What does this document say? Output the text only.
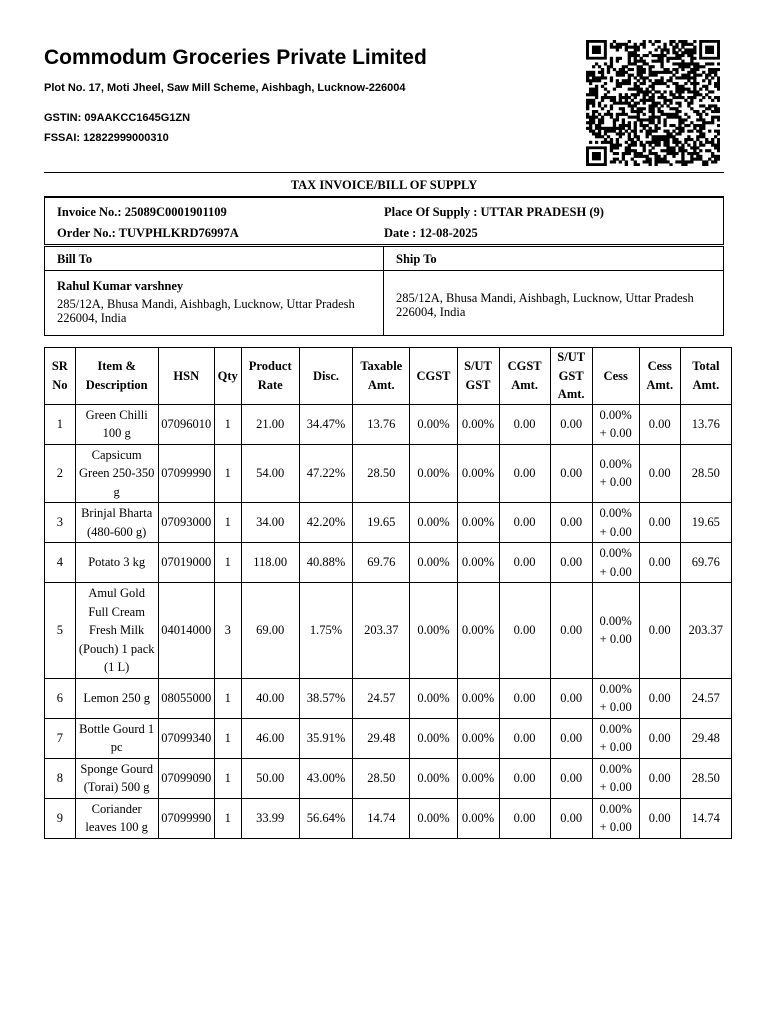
Commodum Groceries Private Limited
Plot No. 17, Moti Jheel, Saw Mill Scheme, Aishbagh, Lucknow-226004
GSTIN: 09AAKCC1645G1ZN
FSSAI: 12822999000310
TAX INVOICE/BILL OF SUPPLY
Invoice No.: 25089C0001901109
Order No.: TUVPHLKRD76997A
Place Of Supply : UTTAR PRADESH (9)
Date : 12-08-2025
Bill To	Ship To
Rahul Kumar varshney
285/12A, Bhusa Mandi, Aishbagh, Lucknow, Uttar Pradesh 226004, India
285/12A, Bhusa Mandi, Aishbagh, Lucknow, Uttar Pradesh 226004, India
SR No	Item & Description	HSN	Qty	Product Rate	Disc.	Taxable Amt.	CGST	S/UT GST	CGST Amt.	S/UT GST Amt.	Cess	Cess Amt.	Total Amt.
1	Green Chilli 100 g	07096010	1	21.00	34.47%	13.76	0.00%	0.00%	0.00	0.00	0.00% + 0.00	0.00	13.76
2	Capsicum Green 250-350 g	07099990	1	54.00	47.22%	28.50	0.00%	0.00%	0.00	0.00	0.00% + 0.00	0.00	28.50
3	Brinjal Bharta (480-600 g)	07093000	1	34.00	42.20%	19.65	0.00%	0.00%	0.00	0.00	0.00% + 0.00	0.00	19.65
4	Potato 3 kg	07019000	1	118.00	40.88%	69.76	0.00%	0.00%	0.00	0.00	0.00% + 0.00	0.00	69.76
5	Amul Gold Full Cream Fresh Milk (Pouch) 1 pack (1 L)	04014000	3	69.00	1.75%	203.37	0.00%	0.00%	0.00	0.00	0.00% + 0.00	0.00	203.37
6	Lemon 250 g	08055000	1	40.00	38.57%	24.57	0.00%	0.00%	0.00	0.00	0.00% + 0.00	0.00	24.57
7	Bottle Gourd 1 pc	07099340	1	46.00	35.91%	29.48	0.00%	0.00%	0.00	0.00	0.00% + 0.00	0.00	29.48
8	Sponge Gourd (Torai) 500 g	07099090	1	50.00	43.00%	28.50	0.00%	0.00%	0.00	0.00	0.00% + 0.00	0.00	28.50
9	Coriander leaves 100 g	07099990	1	33.99	56.64%	14.74	0.00%	0.00%	0.00	0.00	0.00% + 0.00	0.00	14.74
